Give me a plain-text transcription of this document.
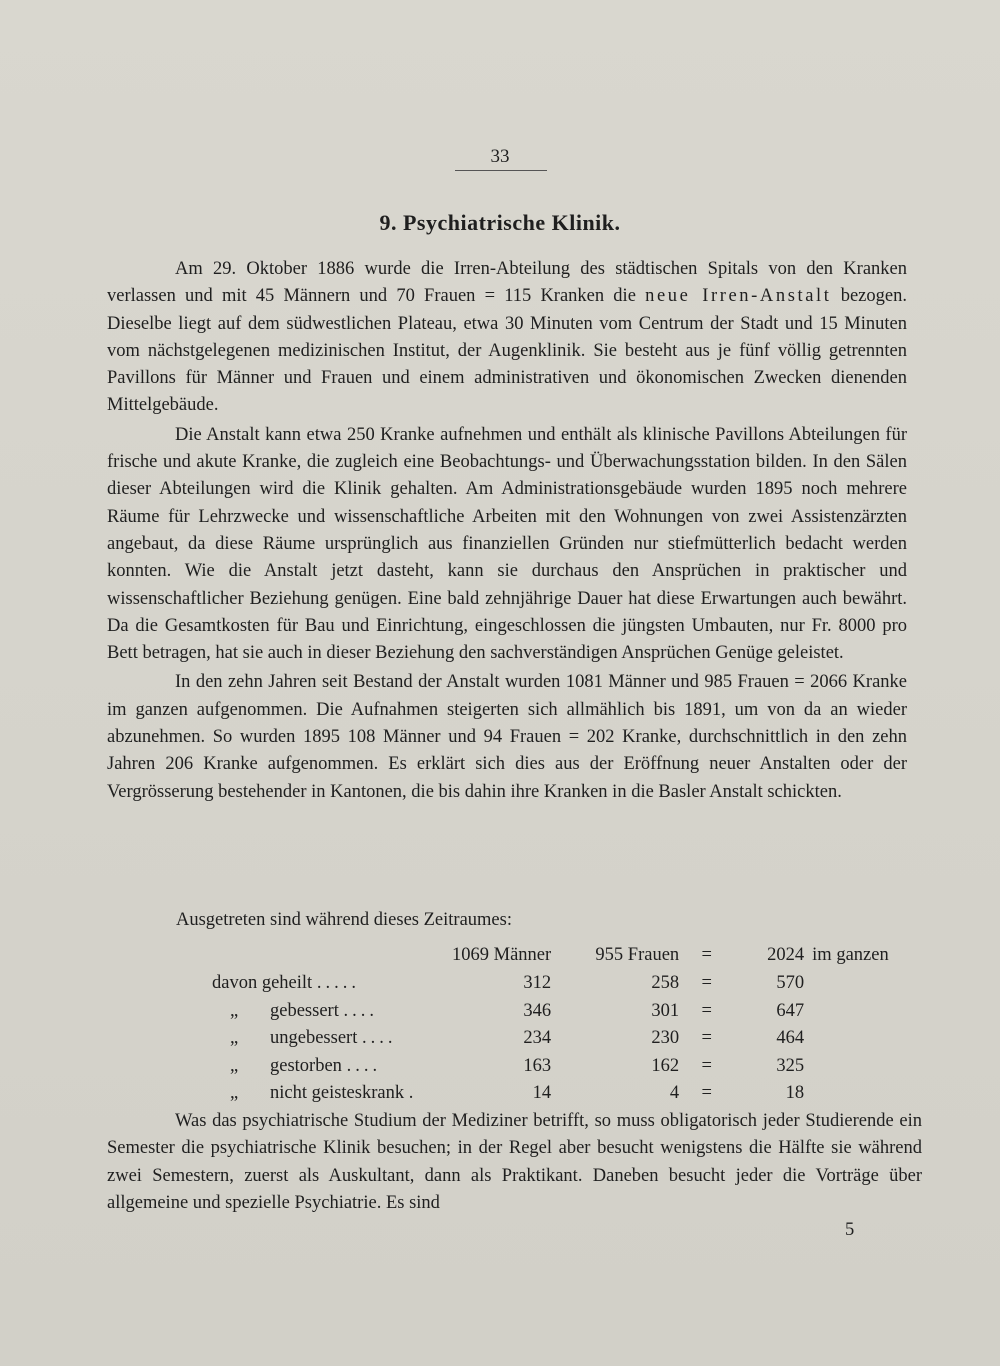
33
9. Psychiatrische Klinik.

Am 29. Oktober 1886 wurde die Irren-Abteilung des städtischen Spitals von den Kranken verlassen und mit 45 Männern und 70 Frauen = 115 Kranken die neue Irren-Anstalt bezogen. Dieselbe liegt auf dem südwestlichen Plateau, etwa 30 Minuten vom Centrum der Stadt und 15 Minuten vom nächstgelegenen medizinischen Institut, der Augenklinik. Sie besteht aus je fünf völlig getrennten Pavillons für Männer und Frauen und einem administrativen und ökonomischen Zwecken dienenden Mittelgebäude.

Die Anstalt kann etwa 250 Kranke aufnehmen und enthält als klinische Pavillons Abteilungen für frische und akute Kranke, die zugleich eine Beobachtungs- und Überwachungsstation bilden. In den Sälen dieser Abteilungen wird die Klinik gehalten. Am Administrationsgebäude wurden 1895 noch mehrere Räume für Lehrzwecke und wissenschaftliche Arbeiten mit den Wohnungen von zwei Assistenzärzten angebaut, da diese Räume ursprünglich aus finanziellen Gründen nur stiefmütterlich bedacht werden konnten. Wie die Anstalt jetzt dasteht, kann sie durchaus den Ansprüchen in praktischer und wissenschaftlicher Beziehung genügen. Eine bald zehnjährige Dauer hat diese Erwartungen auch bewährt. Da die Gesamtkosten für Bau und Einrichtung, eingeschlossen die jüngsten Umbauten, nur Fr. 8000 pro Bett betragen, hat sie auch in dieser Beziehung den sachverständigen Ansprüchen Genüge geleistet.

In den zehn Jahren seit Bestand der Anstalt wurden 1081 Männer und 985 Frauen = 2066 Kranke im ganzen aufgenommen. Die Aufnahmen steigerten sich allmählich bis 1891, um von da an wieder abzunehmen. So wurden 1895 108 Männer und 94 Frauen = 202 Kranke, durchschnittlich in den zehn Jahren 206 Kranke aufgenommen. Es erklärt sich dies aus der Eröffnung neuer Anstalten oder der Vergrösserung bestehender in Kantonen, die bis dahin ihre Kranken in die Basler Anstalt schickten.

Ausgetreten sind während dieses Zeitraumes:
	1069 Männer	955 Frauen	=	2024	im ganzen
davon geheilt .....	312	258	=	570	
„ gebessert ....	346	301	=	647	
„ ungebessert ....	234	230	=	464	
„ gestorben ....	163	162	=	325	
„ nicht geisteskrank .	14	4	=	18	

Was das psychiatrische Studium der Mediziner betrifft, so muss obligatorisch jeder Studierende ein Semester die psychiatrische Klinik besuchen; in der Regel aber besucht wenigstens die Hälfte sie während zwei Semestern, zuerst als Auskultant, dann als Praktikant. Daneben besucht jeder die Vorträge über allgemeine und spezielle Psychiatrie. Es sind

5
